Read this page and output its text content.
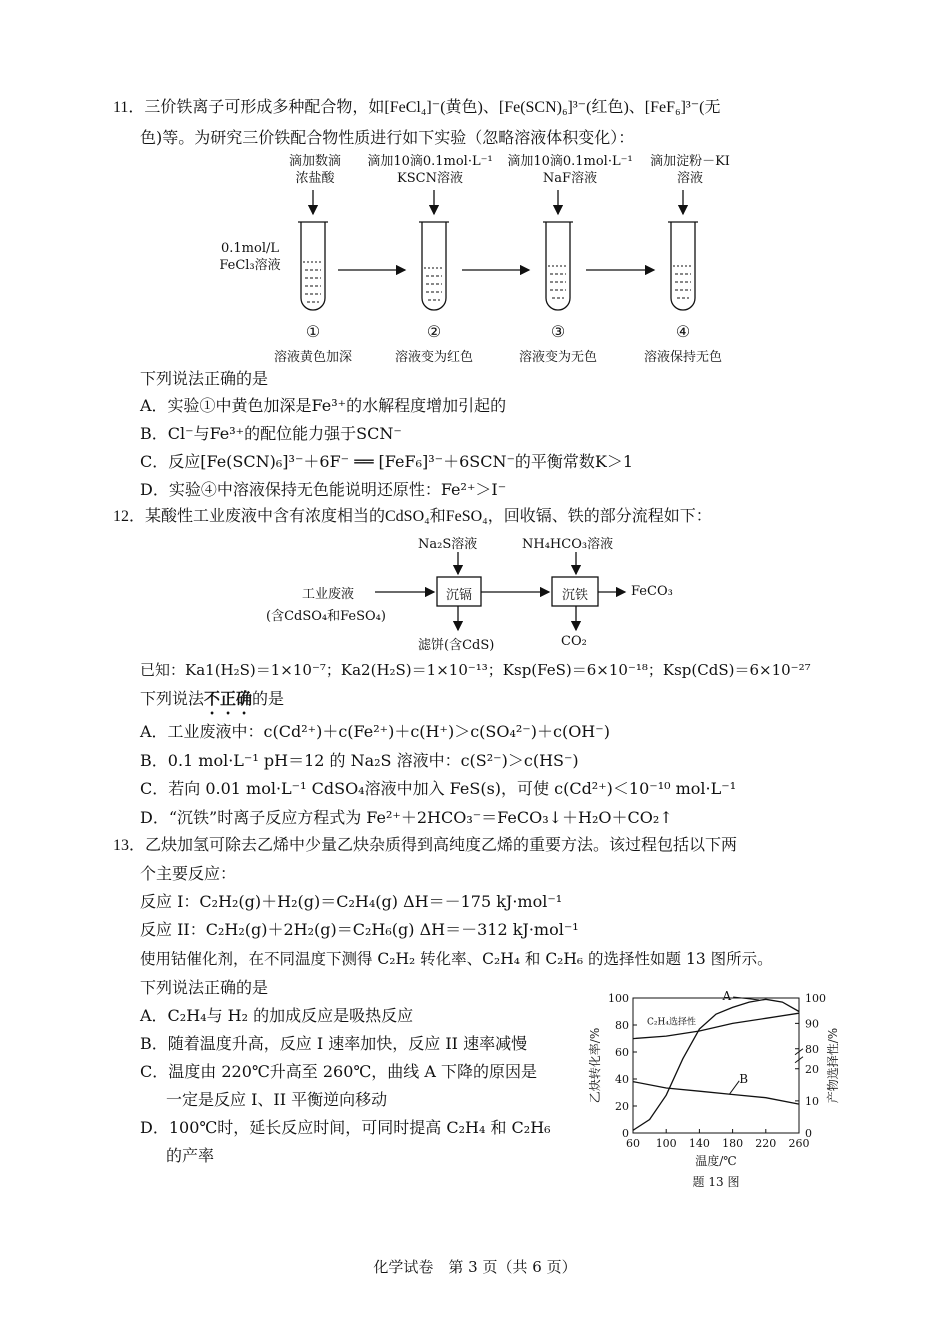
11．三价铁离子可形成多种配合物，如[FeCl₄]⁻(黄色)、[Fe(SCN)₆]³⁻(红色)、[FeF₆]³⁻(无
色)等。为研究三价铁配合物性质进行如下实验（忽略溶液体积变化）：
滴加数滴
浓盐酸
滴加10滴0.1mol·L⁻¹
KSCN溶液
滴加10滴0.1mol·L⁻¹
NaF溶液
滴加淀粉－KI
溶液
0.1mol/L
FeCl₃溶液
①	②	③	④
溶液黄色加深	溶液变为红色	溶液变为无色	溶液保持无色
下列说法正确的是
A．实验①中黄色加深是Fe³⁺的水解程度增加引起的
B．Cl⁻与Fe³⁺的配位能力强于SCN⁻
C．反应[Fe(SCN)₆]³⁻＋6F⁻ ══ [FeF₆]³⁻＋6SCN⁻的平衡常数K＞1
D．实验④中溶液保持无色能说明还原性：Fe²⁺＞I⁻
12．某酸性工业废液中含有浓度相当的CdSO₄和FeSO₄，回收镉、铁的部分流程如下：
Na₂S溶液	NH₄HCO₃溶液
工业废液
(含CdSO₄和FeSO₄)
沉镉	沉铁	FeCO₃
滤饼(含CdS)	CO₂
已知：Ka1(H₂S)＝1×10⁻⁷；Ka2(H₂S)＝1×10⁻¹³；Ksp(FeS)＝6×10⁻¹⁸；Ksp(CdS)＝6×10⁻²⁷
下列说法不正确的是
A．工业废液中：c(Cd²⁺)＋c(Fe²⁺)＋c(H⁺)＞c(SO₄²⁻)＋c(OH⁻)
B．0.1 mol·L⁻¹ pH＝12 的 Na₂S 溶液中：c(S²⁻)＞c(HS⁻)
C．若向 0.01 mol·L⁻¹ CdSO₄溶液中加入 FeS(s)，可使 c(Cd²⁺)＜10⁻¹⁰ mol·L⁻¹
D．“沉铁”时离子反应方程式为 Fe²⁺＋2HCO₃⁻＝FeCO₃↓＋H₂O＋CO₂↑
13．乙炔加氢可除去乙烯中少量乙炔杂质得到高纯度乙烯的重要方法。该过程包括以下两
个主要反应：
反应 I：C₂H₂(g)＋H₂(g)＝C₂H₄(g) ΔH＝－175 kJ·mol⁻¹
反应 II：C₂H₂(g)＋2H₂(g)＝C₂H₆(g) ΔH＝－312 kJ·mol⁻¹
使用钴催化剂，在不同温度下测得 C₂H₂ 转化率、C₂H₄ 和 C₂H₆ 的选择性如题 13 图所示。
下列说法正确的是
A．C₂H₄与 H₂ 的加成反应是吸热反应
B．随着温度升高，反应 I 速率加快，反应 II 速率减慢
C．温度由 220℃升高至 260℃，曲线 A 下降的原因是
一定是反应 I、II 平衡逆向移动
D．100℃时，延长反应时间，可同时提高 C₂H₄ 和 C₂H₆
的产率
60 100 140 180 220 260
0
20
40
60
80
100
80
90
100
0
10
20
A
C₂H₄选择性
B
乙炔转化率/%	产物选择性/%
温度/℃
题 13 图
化学试卷　第 3 页（共 6 页）
